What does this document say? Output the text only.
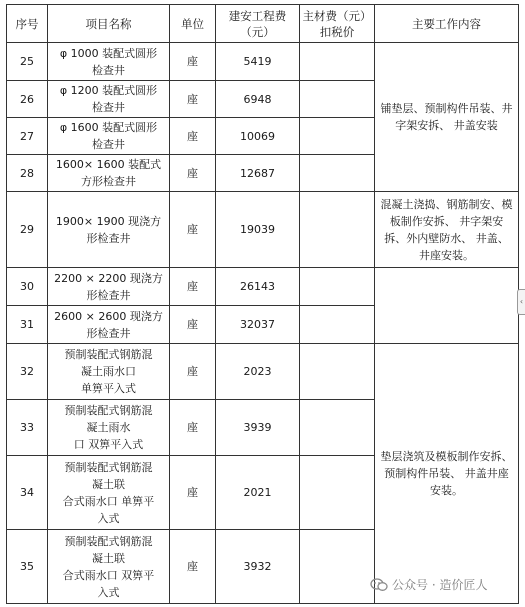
序号	项目名称	单位	建安工程费（元）	主材费（元）扣税价	主要工作内容
25	φ 1000 装配式圆形
检查井	座	5419		铺垫层、预制构件吊装、井字架安拆、 井盖安装
26	φ 1200 装配式圆形
检查井	座	6948		
27	φ 1600 装配式圆形
检查井	座	10069		
28	1600× 1600 装配式
方形检查井	座	12687		
29	1900× 1900 现浇方
形检查井	座	19039		混凝土浇捣、钢筋制安、模板制作安拆、 井字架安拆、外内壁防水、 井盖、 井座安装。
30	2200 × 2200 现浇方
形检查井	座	26143		
31	2600 × 2600 现浇方
形检查井	座	32037		
32	预制装配式钢筋混
凝土雨水口
单箅平入式	座	2023		垫层浇筑及模板制作安拆、预制构件吊装、 井盖井座安装。
33	预制装配式钢筋混
凝土雨水
口 双箅平入式	座	3939		
34	预制装配式钢筋混
凝土联
合式雨水口 单箅平
入式	座	2021		
35	预制装配式钢筋混
凝土联
合式雨水口 双箅平
入式	座	3932		
‹
公众号 · 造价匠人
